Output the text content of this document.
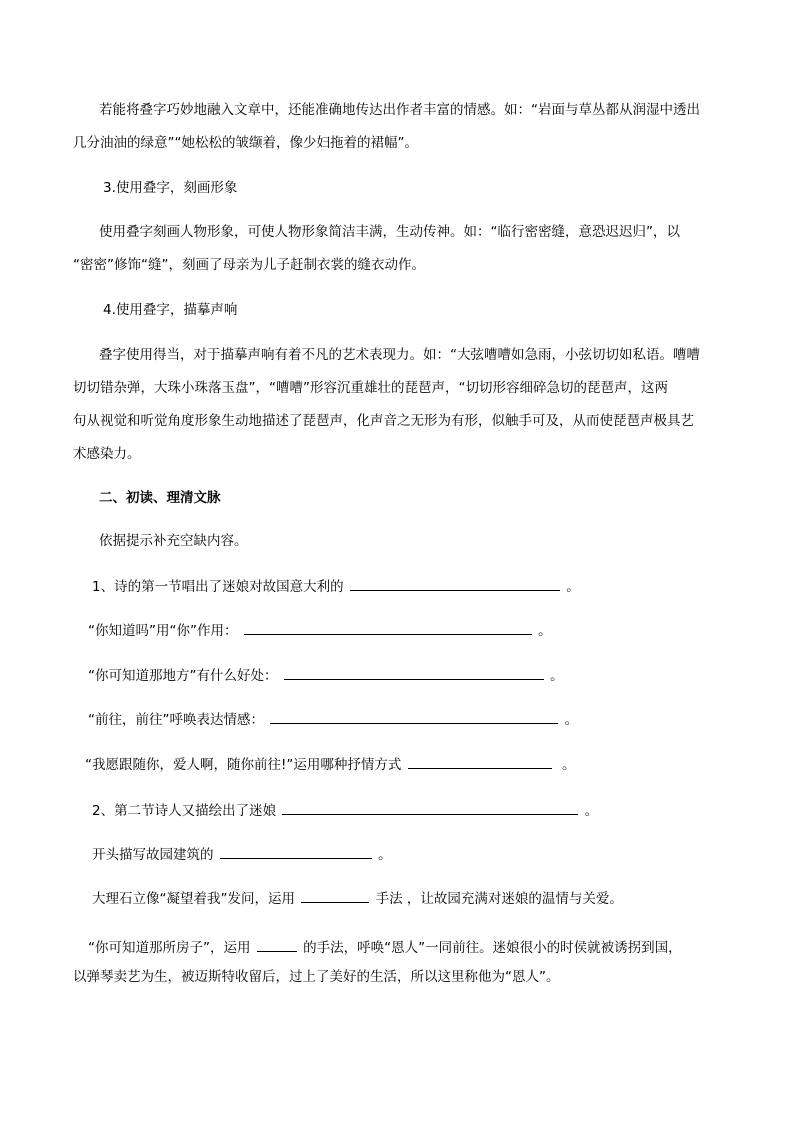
若能将叠字巧妙地融入文章中，还能准确地传达出作者丰富的情感。如：“岩面与草丛都从润湿中透出
几分油油的绿意”“她松松的皱缬着，像少妇拖着的裙幅”。
3.使用叠字，刻画形象
使用叠字刻画人物形象，可使人物形象简洁丰满，生动传神。如：“临行密密缝，意恐迟迟归”，以
“密密”修饰“缝”，刻画了母亲为儿子赶制衣裳的缝衣动作。
4.使用叠字，描摹声响
叠字使用得当，对于描摹声响有着不凡的艺术表现力。如：“大弦嘈嘈如急雨，小弦切切如私语。嘈嘈
切切错杂弹，大珠小珠落玉盘”，“嘈嘈”形容沉重雄壮的琵琶声，“切切形容细碎急切的琵琶声，这两
句从视觉和听觉角度形象生动地描述了琵琶声，化声音之无形为有形，似触手可及，从而使琵琶声极具艺
术感染力。
二、初读、理清文脉
依据提示补充空缺内容。
1、诗的第一节唱出了迷娘对故国意大利的	。
“你知道吗”用“你”作用：	。
“你可知道那地方”有什么好处：	。
“前往，前往”呼唤表达情感：	。
“我愿跟随你，爱人啊，随你前往!”运用哪种抒情方式	。
2、第二节诗人又描绘出了迷娘	。
开头描写故园建筑的	。
大理石立像“凝望着我”发问，运用	手法 ，让故园充满对迷娘的温情与关爱。
“你可知道那所房子”，运用	的手法，呼唤“恩人”一同前往。迷娘很小的时侯就被诱拐到国，
以弹琴卖艺为生，被迈斯特收留后，过上了美好的生活，所以这里称他为“恩人”。
